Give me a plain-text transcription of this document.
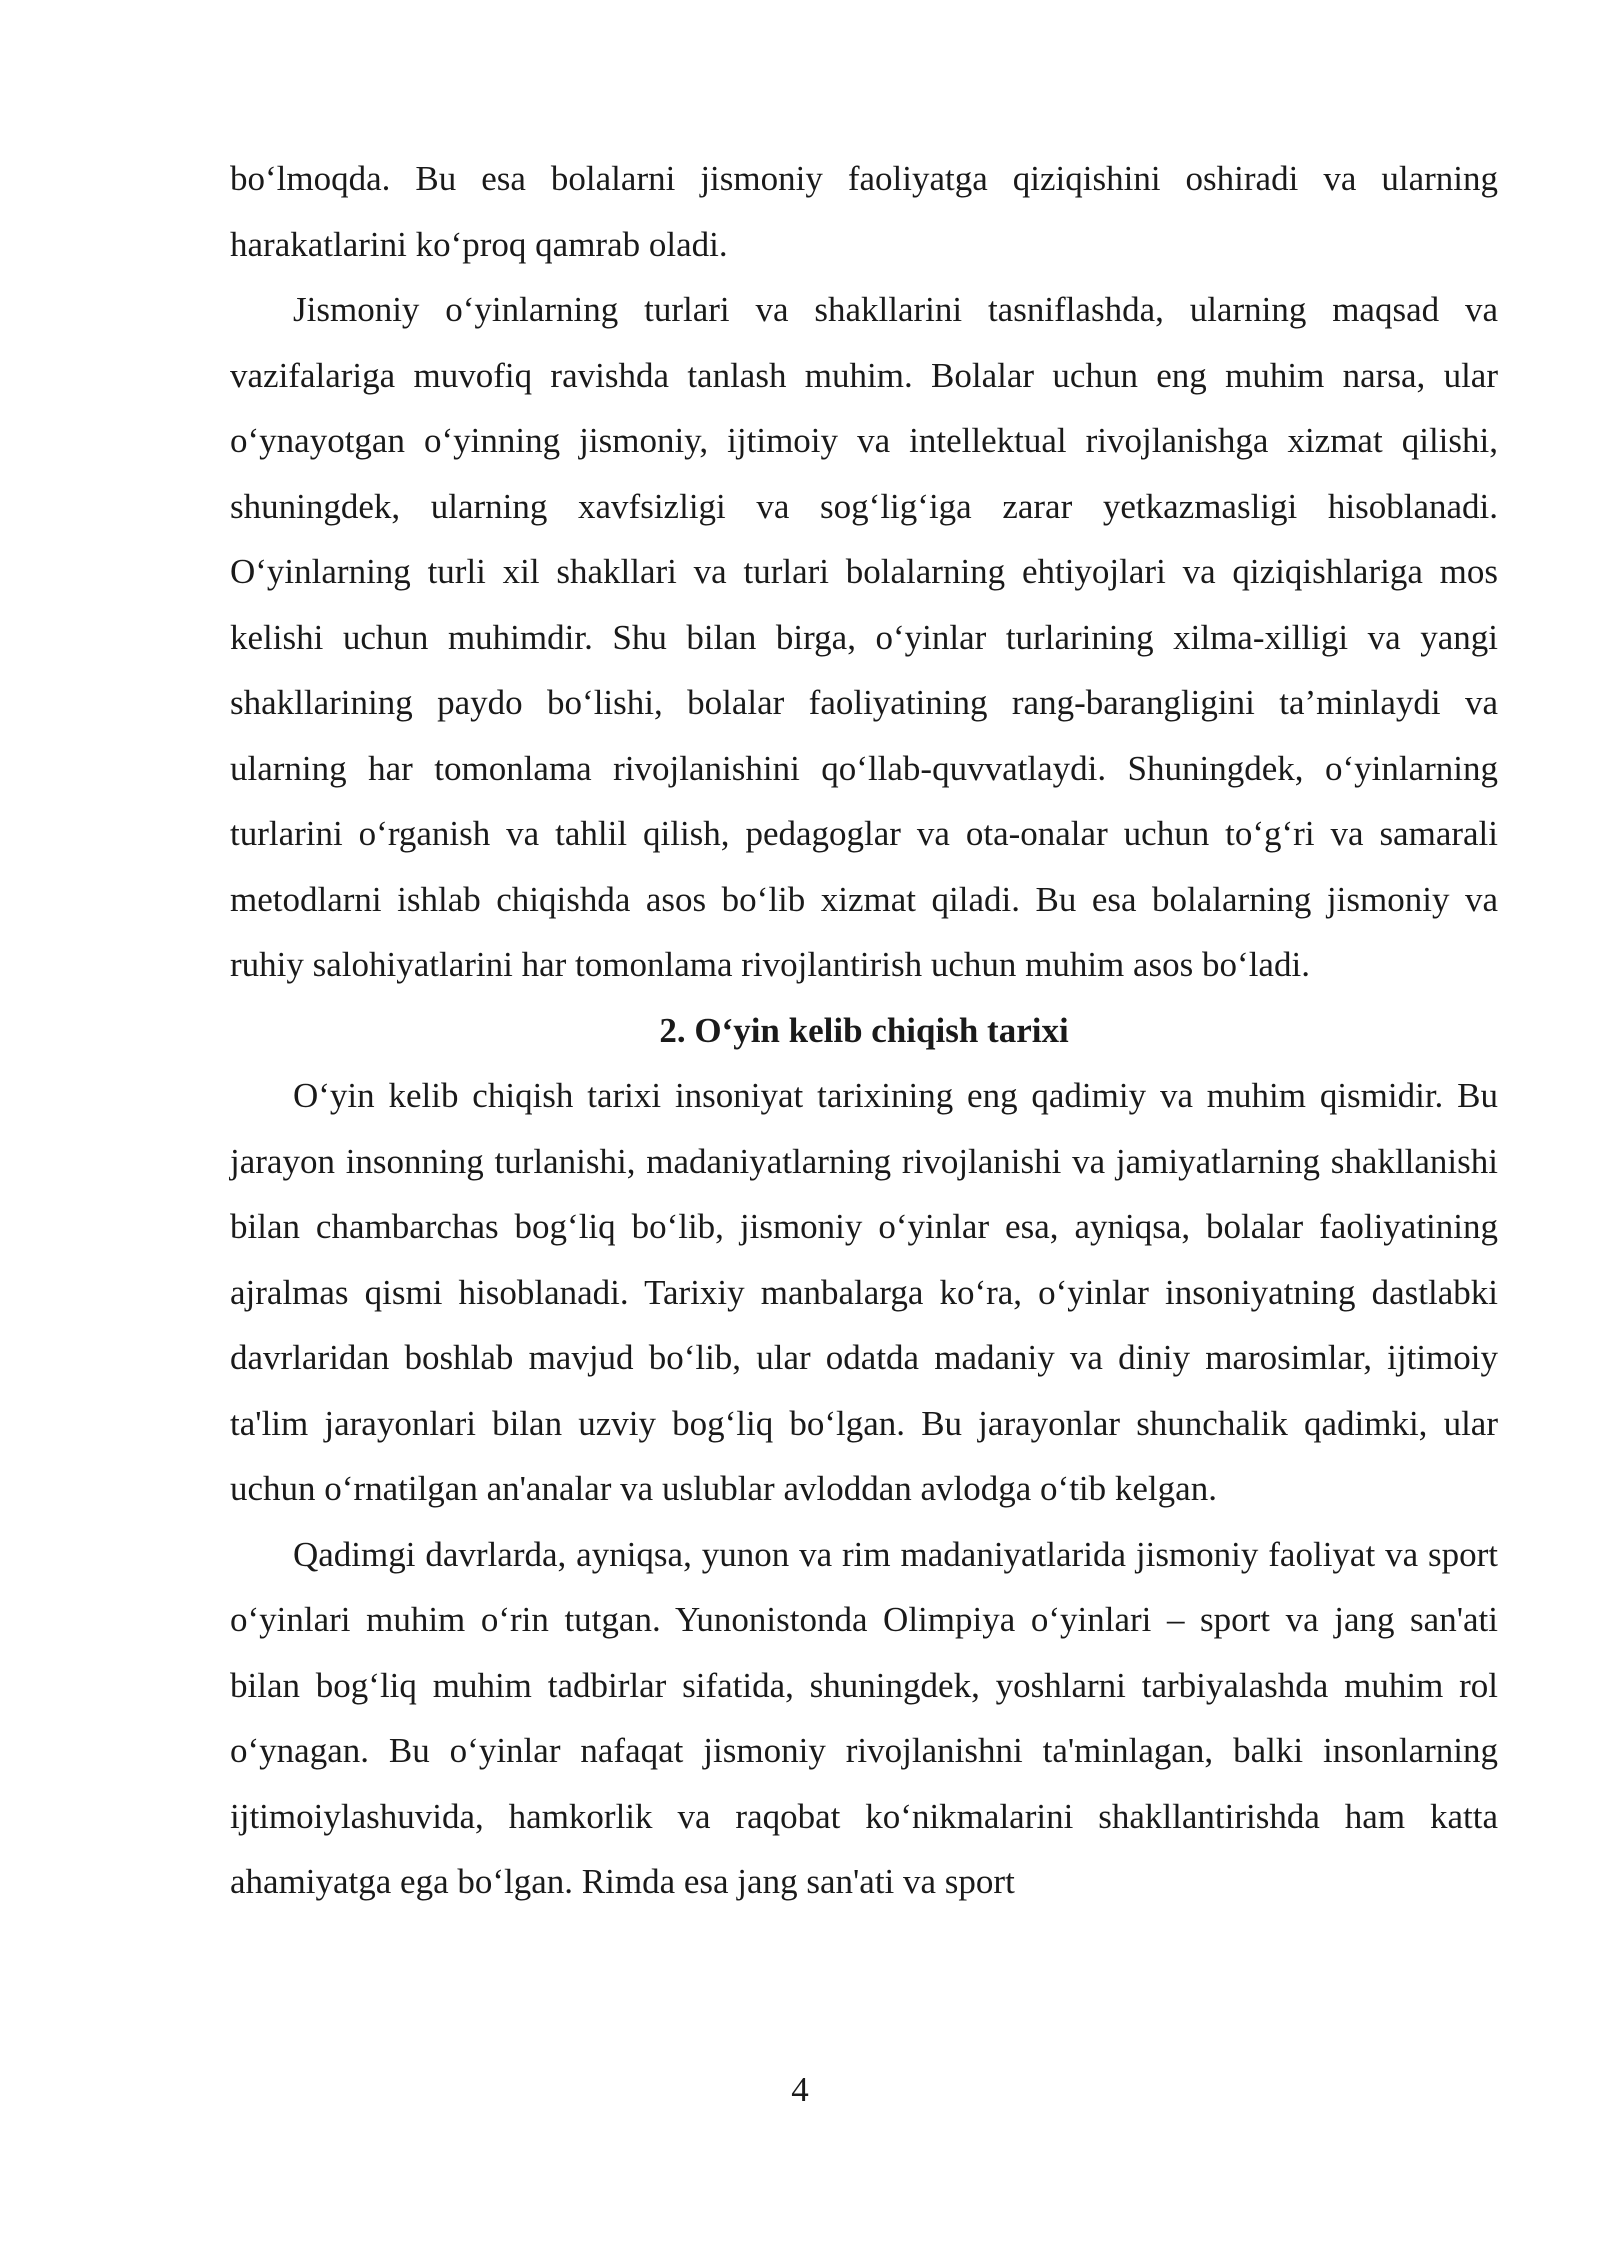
bo‘lmoqda. Bu esa bolalarni jismoniy faoliyatga qiziqishini oshiradi va ularning harakatlarini ko‘proq qamrab oladi.

Jismoniy o‘yinlarning turlari va shakllarini tasniflashda, ularning maqsad va vazifalariga muvofiq ravishda tanlash muhim. Bolalar uchun eng muhim narsa, ular o‘ynayotgan o‘yinning jismoniy, ijtimoiy va intellektual rivojlanishga xizmat qilishi, shuningdek, ularning xavfsizligi va sog‘lig‘iga zarar yetkazmasligi hisoblanadi. O‘yinlarning turli xil shakllari va turlari bolalarning ehtiyojlari va qiziqishlariga mos kelishi uchun muhimdir. Shu bilan birga, o‘yinlar turlarining xilma-xilligi va yangi shakllarining paydo bo‘lishi, bolalar faoliyatining rang-barangligini ta’minlaydi va ularning har tomonlama rivojlanishini qo‘llab-quvvatlaydi. Shuningdek, o‘yinlarning turlarini o‘rganish va tahlil qilish, pedagoglar va ota-onalar uchun to‘g‘ri va samarali metodlarni ishlab chiqishda asos bo‘lib xizmat qiladi. Bu esa bolalarning jismoniy va ruhiy salohiyatlarini har tomonlama rivojlantirish uchun muhim asos bo‘ladi.

2. O‘yin kelib chiqish tarixi

O‘yin kelib chiqish tarixi insoniyat tarixining eng qadimiy va muhim qismidir. Bu jarayon insonning turlanishi, madaniyatlarning rivojlanishi va jamiyatlarning shakllanishi bilan chambarchas bog‘liq bo‘lib, jismoniy o‘yinlar esa, ayniqsa, bolalar faoliyatining ajralmas qismi hisoblanadi. Tarixiy manbalarga ko‘ra, o‘yinlar insoniyatning dastlabki davrlaridan boshlab mavjud bo‘lib, ular odatda madaniy va diniy marosimlar, ijtimoiy ta'lim jarayonlari bilan uzviy bog‘liq bo‘lgan. Bu jarayonlar shunchalik qadimki, ular uchun o‘rnatilgan an'analar va uslublar avloddan avlodga o‘tib kelgan.

Qadimgi davrlarda, ayniqsa, yunon va rim madaniyatlarida jismoniy faoliyat va sport o‘yinlari muhim o‘rin tutgan. Yunonistonda Olimpiya o‘yinlari – sport va jang san'ati bilan bog‘liq muhim tadbirlar sifatida, shuningdek, yoshlarni tarbiyalashda muhim rol o‘ynagan. Bu o‘yinlar nafaqat jismoniy rivojlanishni ta'minlagan, balki insonlarning ijtimoiylashuvida, hamkorlik va raqobat ko‘nikmalarini shakllantirishda ham katta ahamiyatga ega bo‘lgan. Rimda esa jang san'ati va sport

4
